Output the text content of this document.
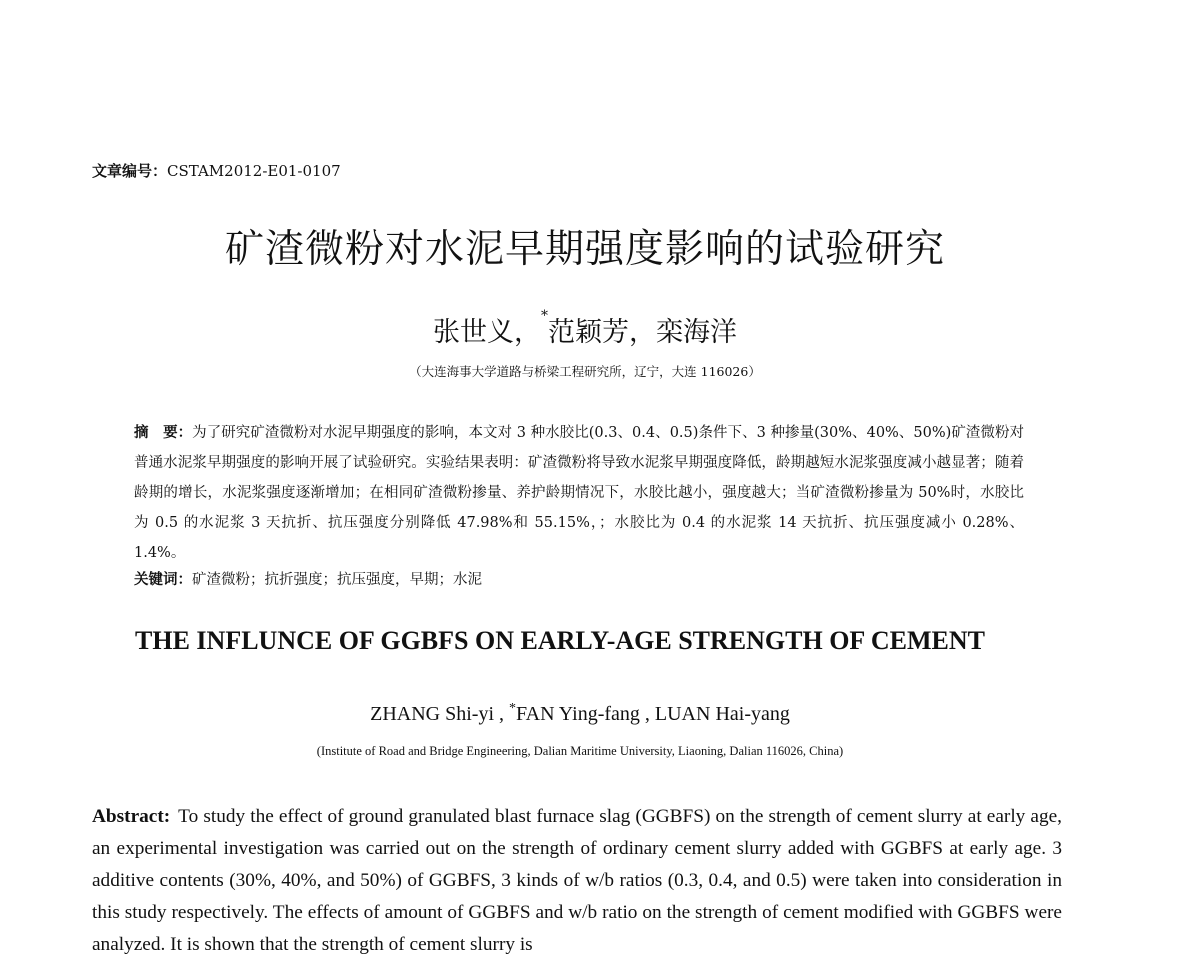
文章编号：CSTAM2012-E01-0107
矿渣微粉对水泥早期强度影响的试验研究
张世义，*范颖芳，栾海洋
（大连海事大学道路与桥梁工程研究所，辽宁，大连 116026）
摘　要：为了研究矿渣微粉对水泥早期强度的影响，本文对 3 种水胶比(0.3、0.4、0.5)条件下、3 种掺量(30%、40%、50%)矿渣微粉对普通水泥浆早期强度的影响开展了试验研究。实验结果表明：矿渣微粉将导致水泥浆早期强度降低，龄期越短水泥浆强度减小越显著；随着龄期的增长，水泥浆强度逐渐增加；在相同矿渣微粉掺量、养护龄期情况下，水胶比越小，强度越大；当矿渣微粉掺量为 50%时，水胶比为 0.5 的水泥浆 3 天抗折、抗压强度分别降低 47.98%和 55.15%，；水胶比为 0.4 的水泥浆 14 天抗折、抗压强度减小 0.28%、1.4%。
关键词：矿渣微粉；抗折强度；抗压强度，早期；水泥
THE INFLUNCE OF GGBFS ON EARLY-AGE STRENGTH OF CEMENT
ZHANG Shi-yi , *FAN Ying-fang , LUAN Hai-yang
(Institute of Road and Bridge Engineering, Dalian Maritime University, Liaoning, Dalian 116026, China)
Abstract: To study the effect of ground granulated blast furnace slag (GGBFS) on the strength of cement slurry at early age, an experimental investigation was carried out on the strength of ordinary cement slurry added with GGBFS at early age. 3 additive contents (30%, 40%, and 50%) of GGBFS, 3 kinds of w/b ratios (0.3, 0.4, and 0.5) were taken into consideration in this study respectively. The effects of amount of GGBFS and w/b ratio on the strength of cement modified with GGBFS were analyzed. It is shown that the strength of cement slurry is
